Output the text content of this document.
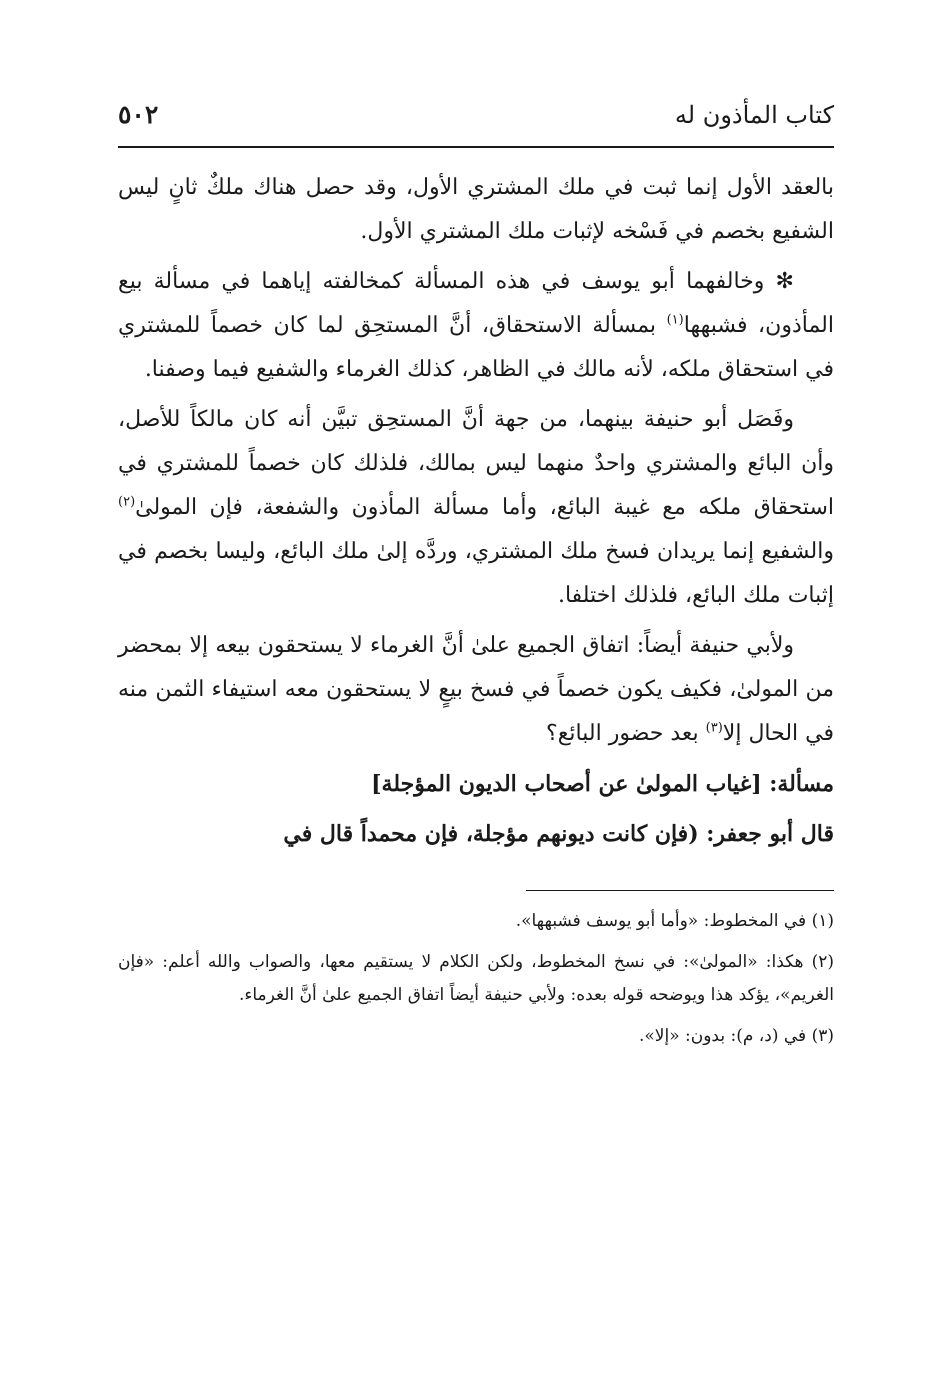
كتاب المأذون له
٥٠٢

بالعقد الأول إنما ثبت في ملك المشتري الأول، وقد حصل هناك ملكٌ ثانٍ ليس الشفيع بخصم في فَسْخه لإثبات ملك المشتري الأول.

✻ وخالفهما أبو يوسف في هذه المسألة كمخالفته إياهما في مسألة بيع المأذون، فشبهها$^{(١)}$ بمسألة الاستحقاق، أنَّ المستحِق لما كان خصماً للمشتري في استحقاق ملكه، لأنه مالك في الظاهر، كذلك الغرماء والشفيع فيما وصفنا.

وفَصَل أبو حنيفة بينهما، من جهة أنَّ المستحِق تبيَّن أنه كان مالكاً للأصل، وأن البائع والمشتري واحدٌ منهما ليس بمالك، فلذلك كان خصماً للمشتري في استحقاق ملكه مع غيبة البائع، وأما مسألة المأذون والشفعة، فإن المولىٰ$^{(٢)}$ والشفيع إنما يريدان فسخ ملك المشتري، وردَّه إلىٰ ملك البائع، وليسا بخصم في إثبات ملك البائع، فلذلك اختلفا.

ولأبي حنيفة أيضاً: اتفاق الجميع علىٰ أنَّ الغرماء لا يستحقون بيعه إلا بمحضر من المولىٰ، فكيف يكون خصماً في فسخ بيعٍ لا يستحقون معه استيفاء الثمن منه في الحال إلا$^{(٣)}$ بعد حضور البائع؟

مسألة: [غياب المولىٰ عن أصحاب الديون المؤجلة]

قال أبو جعفر: (فإن كانت ديونهم مؤجلة، فإن محمداً قال في

(١) في المخطوط: «وأما أبو يوسف فشبهها».

(٢) هكذا: «المولىٰ»: في نسخ المخطوط، ولكن الكلام لا يستقيم معها، والصواب والله أعلم: «فإن الغريم»، يؤكد هذا ويوضحه قوله بعده: ولأبي حنيفة أيضاً اتفاق الجميع علىٰ أنَّ الغرماء.

(٣) في (د، م): بدون: «إلا».
